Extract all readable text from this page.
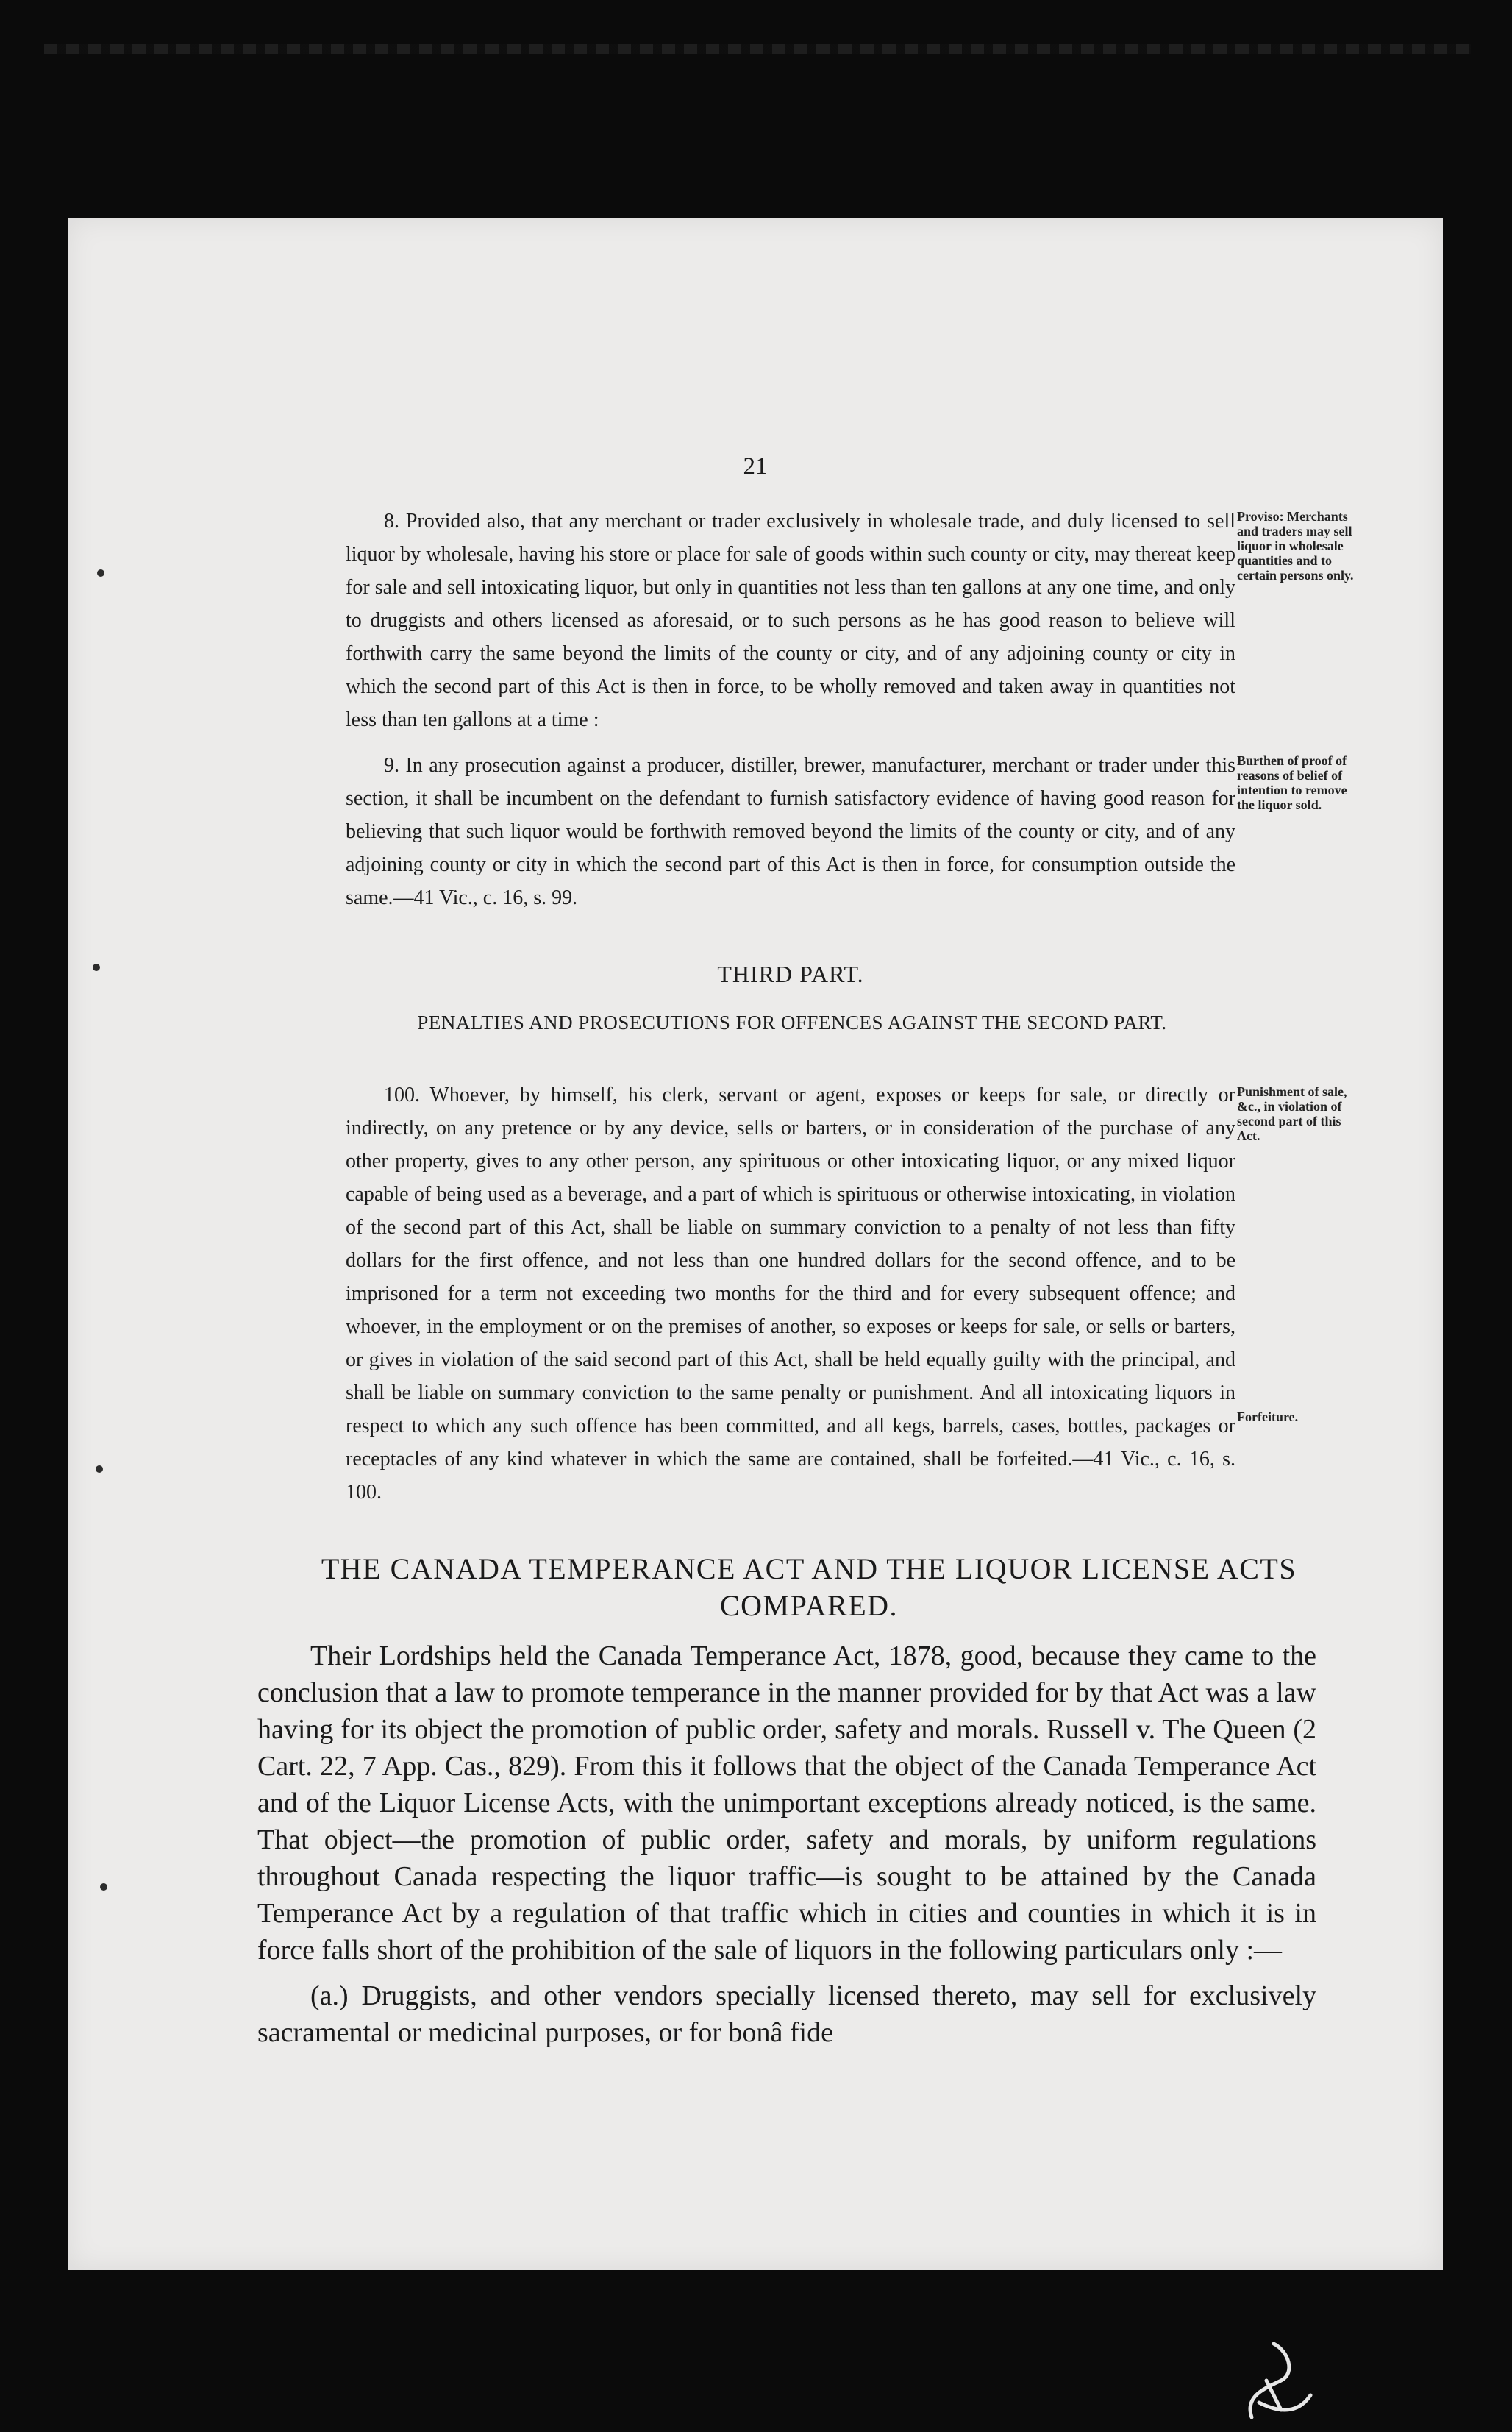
21

8. Provided also, that any merchant or trader exclusively in wholesale trade, and duly licensed to sell liquor by wholesale, having his store or place for sale of goods within such county or city, may thereat keep for sale and sell intoxicating liquor, but only in quantities not less than ten gallons at any one time, and only to druggists and others licensed as aforesaid, or to such persons as he has good reason to believe will forthwith carry the same beyond the limits of the county or city, and of any adjoining county or city in which the second part of this Act is then in force, to be wholly removed and taken away in quantities not less than ten gallons at a time :

Proviso: Merchants and traders may sell liquor in wholesale quantities and to certain persons only.

9. In any prosecution against a producer, distiller, brewer, manufacturer, merchant or trader under this section, it shall be incumbent on the defendant to furnish satisfactory evidence of having good reason for believing that such liquor would be forthwith removed beyond the limits of the county or city, and of any adjoining county or city in which the second part of this Act is then in force, for consumption outside the same.—41 Vic., c. 16, s. 99.

Burthen of proof of reasons of belief of intention to remove the liquor sold.
THIRD PART.
PENALTIES AND PROSECUTIONS FOR OFFENCES AGAINST THE SECOND PART.

100. Whoever, by himself, his clerk, servant or agent, exposes or keeps for sale, or directly or indirectly, on any pretence or by any device, sells or barters, or in consideration of the purchase of any other property, gives to any other person, any spirituous or other intoxicating liquor, or any mixed liquor capable of being used as a beverage, and a part of which is spirituous or otherwise intoxicating, in violation of the second part of this Act, shall be liable on summary conviction to a penalty of not less than fifty dollars for the first offence, and not less than one hundred dollars for the second offence, and to be imprisoned for a term not exceeding two months for the third and for every subsequent offence; and whoever, in the employment or on the premises of another, so exposes or keeps for sale, or sells or barters, or gives in violation of the said second part of this Act, shall be held equally guilty with the principal, and shall be liable on summary conviction to the same penalty or punishment. And all intoxicating liquors in respect to which any such offence has been committed, and all kegs, barrels, cases, bottles, packages or receptacles of any kind whatever in which the same are contained, shall be forfeited.—41 Vic., c. 16, s. 100.

Punishment of sale, &c., in violation of second part of this Act.
Forfeiture.
THE CANADA TEMPERANCE ACT AND THE LIQUOR LICENSE ACTS COMPARED.

Their Lordships held the Canada Temperance Act, 1878, good, because they came to the conclusion that a law to promote temperance in the manner provided for by that Act was a law having for its object the promotion of public order, safety and morals. Russell v. The Queen (2 Cart. 22, 7 App. Cas., 829). From this it follows that the object of the Canada Temperance Act and of the Liquor License Acts, with the unimportant exceptions already noticed, is the same. That object—the promotion of public order, safety and morals, by uniform regulations throughout Canada respecting the liquor traffic—is sought to be attained by the Canada Temperance Act by a regulation of that traffic which in cities and counties in which it is in force falls short of the prohibition of the sale of liquors in the following particulars only :—

(a.) Druggists, and other vendors specially licensed thereto, may sell for exclusively sacramental or medicinal purposes, or for bonâ fide
